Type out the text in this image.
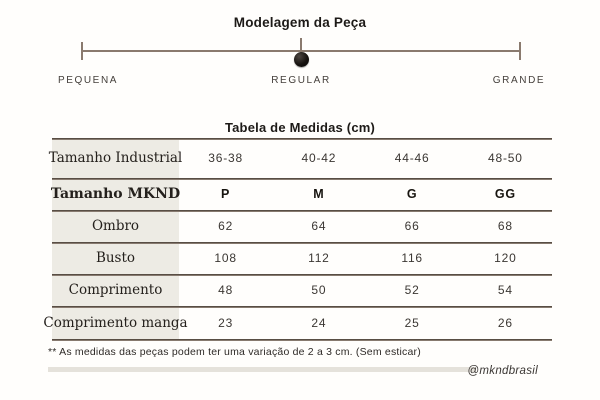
Modelagem da Peça
PEQUENA	REGULAR	GRANDE
Tabela de Medidas (cm)
Tamanho Industrial	36-38	40-42	44-46	48-50
Tamanho MKND	P	M	G	GG
Ombro	62	64	66	68
Busto	108	112	116	120
Comprimento	48	50	52	54
Comprimento manga	23	24	25	26
** As medidas das peças podem ter uma variação de 2 a 3 cm. (Sem esticar)
@mkndbrasil
